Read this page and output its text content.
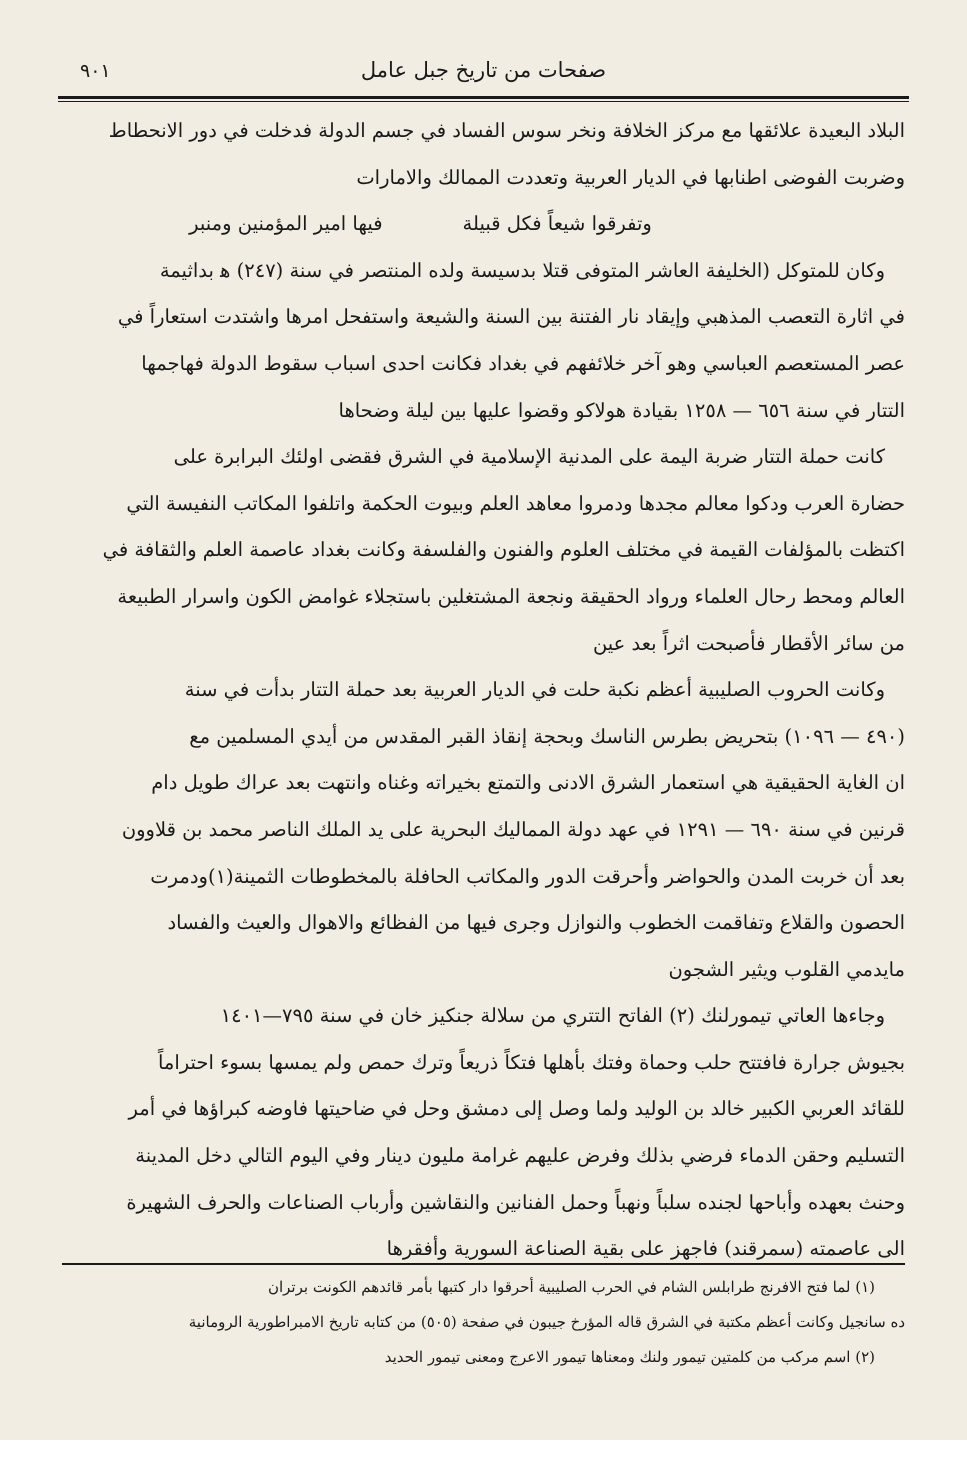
صفحات من تاريخ جبل عامل
٩٠١
البلاد البعيدة علائقها مع مركز الخلافة ونخر سوس الفساد في جسم الدولة فدخلت في دور الانحطاط
وضربت الفوضى اطنابها في الديار العربية وتعددت الممالك والامارات
وتفرقوا شيعاً فكل قبيلة
فيها امير المؤمنين ومنبر
وكان للمتوكل (الخليفة العاشر المتوفى قتلا بدسيسة ولده المنتصر في سنة (٢٤٧) ﻫ بداثيمة
في اثارة التعصب المذهبي وإيقاد نار الفتنة بين السنة والشيعة واستفحل امرها واشتدت استعاراً في
عصر المستعصم العباسي وهو آخر خلائفهم في بغداد فكانت احدى اسباب سقوط الدولة فهاجمها
التتار في سنة ٦٥٦ — ١٢٥٨ بقيادة هولاكو وقضوا عليها بين ليلة وضحاها
كانت حملة التتار ضربة اليمة على المدنية الإسلامية في الشرق فقضى اولئك البرابرة على
حضارة العرب ودكوا معالم مجدها ودمروا معاهد العلم وبيوت الحكمة واتلفوا المكاتب النفيسة التي
اكتظت بالمؤلفات القيمة في مختلف العلوم والفنون والفلسفة وكانت بغداد عاصمة العلم والثقافة في
العالم ومحط رحال العلماء ورواد الحقيقة ونجعة المشتغلين باستجلاء غوامض الكون واسرار الطبيعة
من سائر الأقطار فأصبحت اثراً بعد عين
وكانت الحروب الصليبية أعظم نكبة حلت في الديار العربية بعد حملة التتار بدأت في سنة
(٤٩٠ — ١٠٩٦) بتحريض بطرس الناسك وبحجة إنقاذ القبر المقدس من أيدي المسلمين مع
ان الغاية الحقيقية هي استعمار الشرق الادنى والتمتع بخيراته وغناه وانتهت بعد عراك طويل دام
قرنين في سنة ٦٩٠ — ١٢٩١ في عهد دولة المماليك البحرية على يد الملك الناصر محمد بن قلاوون
بعد أن خربت المدن والحواضر وأحرقت الدور والمكاتب الحافلة بالمخطوطات الثمينة(١)ودمرت
الحصون والقلاع وتفاقمت الخطوب والنوازل وجرى فيها من الفظائع والاهوال والعيث والفساد
مايدمي القلوب ويثير الشجون
وجاءها العاتي تيمورلنك (٢) الفاتح التتري من سلالة جنكيز خان في سنة ٧٩٥—١٤٠١
بجيوش جرارة فافتتح حلب وحماة وفتك بأهلها فتكاً ذريعاً وترك حمص ولم يمسها بسوء احتراماً
للقائد العربي الكبير خالد بن الوليد ولما وصل إلى دمشق وحل في ضاحيتها فاوضه كبراؤها في أمر
التسليم وحقن الدماء فرضي بذلك وفرض عليهم غرامة مليون دينار وفي اليوم التالي دخل المدينة
وحنث بعهده وأباحها لجنده سلباً ونهباً وحمل الفنانين والنقاشين وأرباب الصناعات والحرف الشهيرة
الى عاصمته (سمرقند) فاجهز على بقية الصناعة السورية وأفقرها
(١) لما فتح الافرنج طرابلس الشام في الحرب الصليبية أحرقوا دار كتبها بأمر قائدهم الكونت برتران
ده سانجيل وكانت أعظم مكتبة في الشرق قاله المؤرخ جيبون في صفحة (٥٠٥) من كتابه تاريخ الامبراطورية الرومانية
(٢) اسم مركب من كلمتين تيمور ولنك ومعناها تيمور الاعرج ومعنى تيمور الحديد
